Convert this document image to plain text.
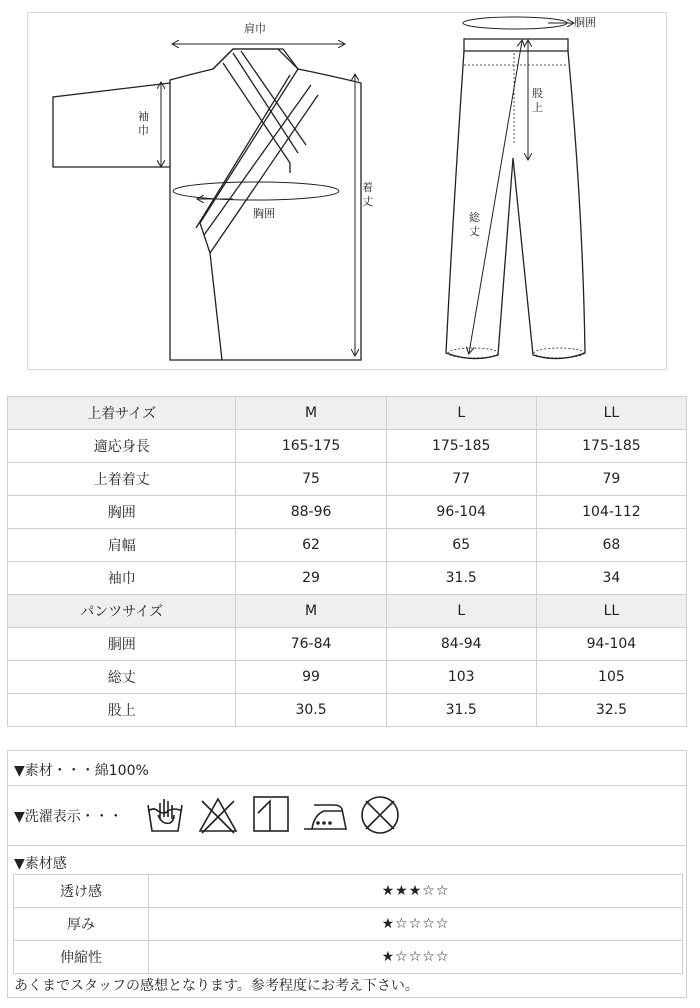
肩巾
袖巾
胸囲
着丈
胴囲
股上
総丈
上着サイズ	M	L	LL
適応身長	165-175	175-185	175-185
上着着丈	75	77	79
胸囲	88-96	96-104	104-112
肩幅	62	65	68
袖巾	29	31.5	34
パンツサイズ	M	L	LL
胴囲	76-84	84-94	94-104
総丈	99	103	105
股上	30.5	31.5	32.5
▼素材・・・綿100%
▼洗濯表示・・・
▼素材感
透け感	★★★☆☆
厚み	★☆☆☆☆
伸縮性	★☆☆☆☆
あくまでスタッフの感想となります。参考程度にお考え下さい。
